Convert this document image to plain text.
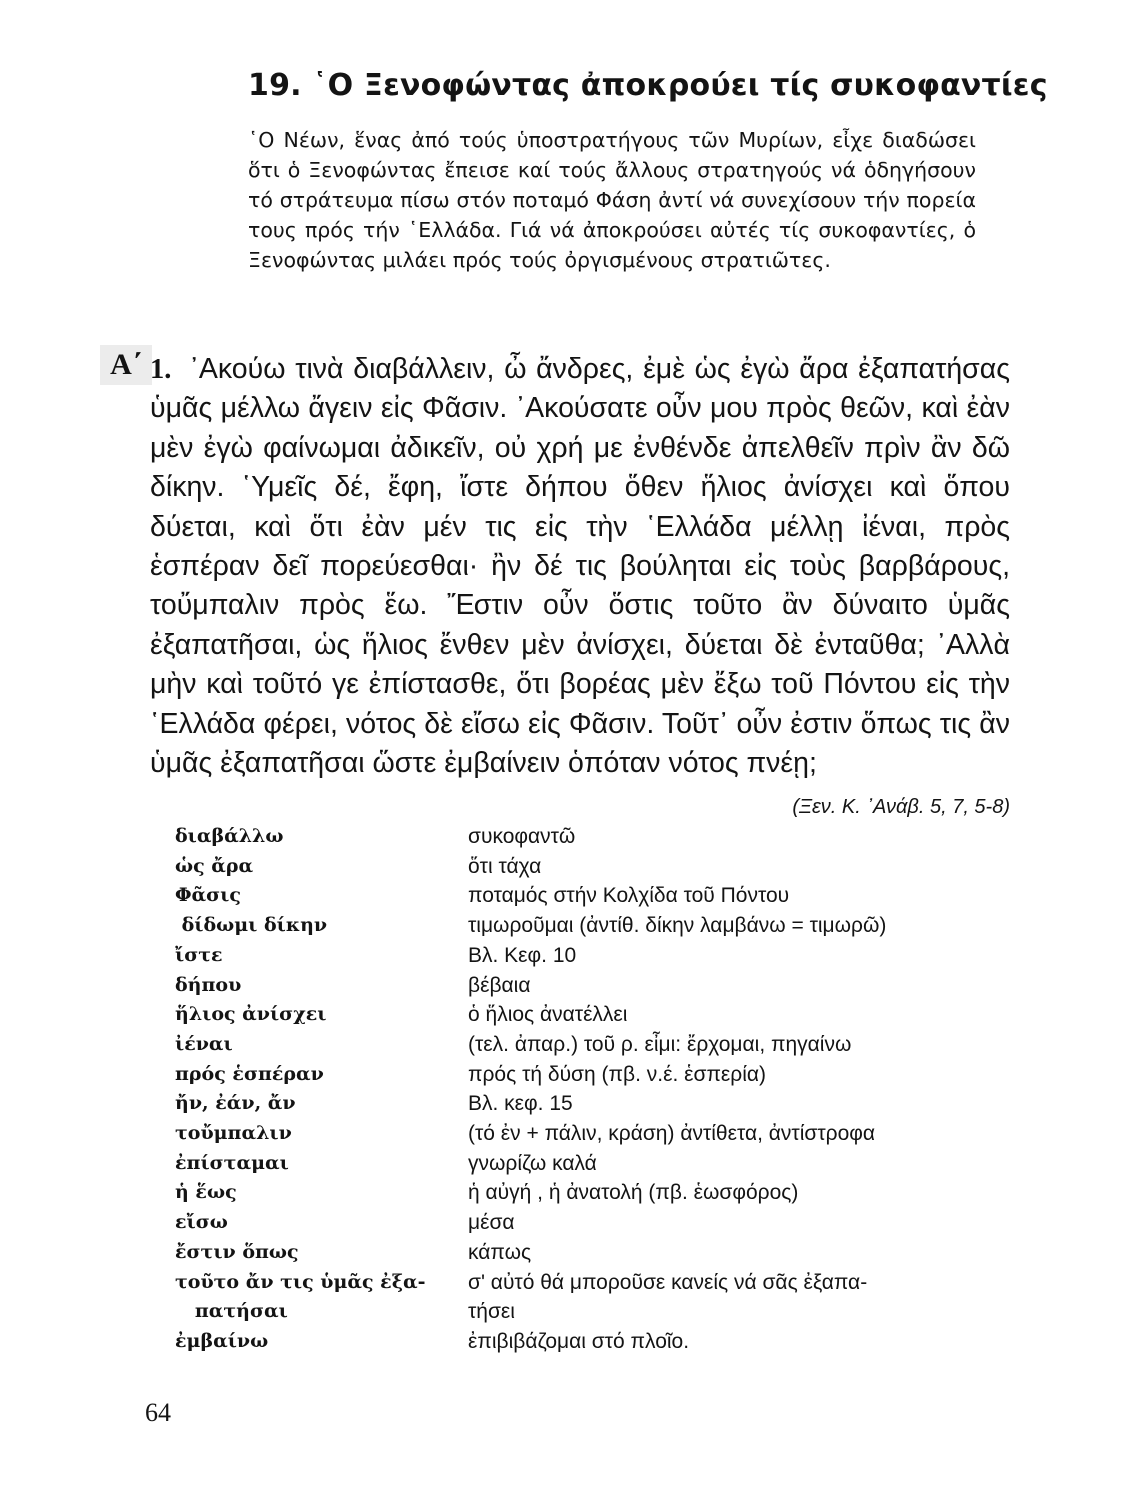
19. ῾Ο Ξενοφώντας ἀποκρούει τίς συκοφαντίες
῾Ο Νέων, ἕνας ἀπό τούς ὑποστρατήγους τῶν Μυρίων, εἶχε διαδώσει ὅτι ὁ Ξενοφώντας ἔπεισε καί τούς ἄλλους στρατηγούς νά ὁδηγήσουν τό στράτευμα πίσω στόν ποταμό Φάση ἀντί νά συνεχίσουν τήν πορεία τους πρός τήν ῾Ελλάδα. Γιά νά ἀποκρούσει αὐτές τίς συκοφαντίες, ὁ Ξενοφώντας μιλάει πρός τούς ὀργισμένους στρατιῶτες.
Α΄ 1. ᾿Ακούω τινὰ διαβάλλειν, ὦ ἄνδρες, ἐμὲ ὡς ἐγὼ ἄρα ἐξαπατήσας ὑμᾶς μέλλω ἄγειν εἰς Φᾶσιν. ᾿Ακούσατε οὖν μου πρὸς θεῶν, καὶ ἐὰν μὲν ἐγὼ φαίνωμαι ἀδικεῖν, οὐ χρή με ἐνθένδε ἀπελθεῖν πρὶν ἂν δῶ δίκην. ῾Υμεῖς δέ, ἔφη, ἴστε δήπου ὅθεν ἥλιος ἀνίσχει καὶ ὅπου δύεται, καὶ ὅτι ἐὰν μέν τις εἰς τὴν ῾Ελλάδα μέλλῃ ἰέναι, πρὸς ἑσπέραν δεῖ πορεύεσθαι· ἢν δέ τις βούληται εἰς τοὺς βαρβάρους, τοὔμπαλιν πρὸς ἕω. Ἔστιν οὖν ὅστις τοῦτο ἂν δύναιτο ὑμᾶς ἐξαπατῆσαι, ὡς ἥλιος ἔνθεν μὲν ἀνίσχει, δύεται δὲ ἐνταῦθα; ᾿Αλλὰ μὴν καὶ τοῦτό γε ἐπίστασθε, ὅτι βορέας μὲν ἔξω τοῦ Πόντου εἰς τὴν ῾Ελλάδα φέρει, νότος δὲ εἴσω εἰς Φᾶσιν. Τοῦτ᾿ οὖν ἐστιν ὅπως τις ἂν ὑμᾶς ἐξαπατῆσαι ὥστε ἐμβαίνειν ὁπόταν νότος πνέῃ;
(Ξεν. Κ. ᾿Ανάβ. 5, 7, 5-8)
διαβάλλω	συκοφαντῶ
ὡς ἄρα	ὅτι τάχα
Φᾶσις	ποταμός στήν Κολχίδα τοῦ Πόντου
δίδωμι δίκην	τιμωροῦμαι (ἀντίθ. δίκην λαμβάνω = τιμωρῶ)
ἴστε	Βλ. Κεφ. 10
δήπου	βέβαια
ἥλιος ἀνίσχει	ὁ ἥλιος ἀνατέλλει
ἰέναι	(τελ. ἀπαρ.) τοῦ ρ. εἶμι: ἔρχομαι, πηγαίνω
πρός ἑσπέραν	πρός τή δύση (πβ. ν.έ. ἑσπερία)
ἤν, ἐάν, ἄν	Βλ. κεφ. 15
τοὔμπαλιν	(τό ἐν + πάλιν, κράση) ἀντίθετα, ἀντίστροφα
ἐπίσταμαι	γνωρίζω καλά
ἡ ἕως	ἡ αὐγή , ἡ ἀνατολή (πβ. ἑωσφόρος)
εἴσω	μέσα
ἔστιν ὅπως	κάπως
τοῦτο ἄν τις ὑμᾶς ἐξα-	σ' αὐτό θά μποροῦσε κανείς νά σᾶς ἐξαπα-
πατήσαι	τήσει
ἐμβαίνω	ἐπιβιβάζομαι στό πλοῖο.
64
